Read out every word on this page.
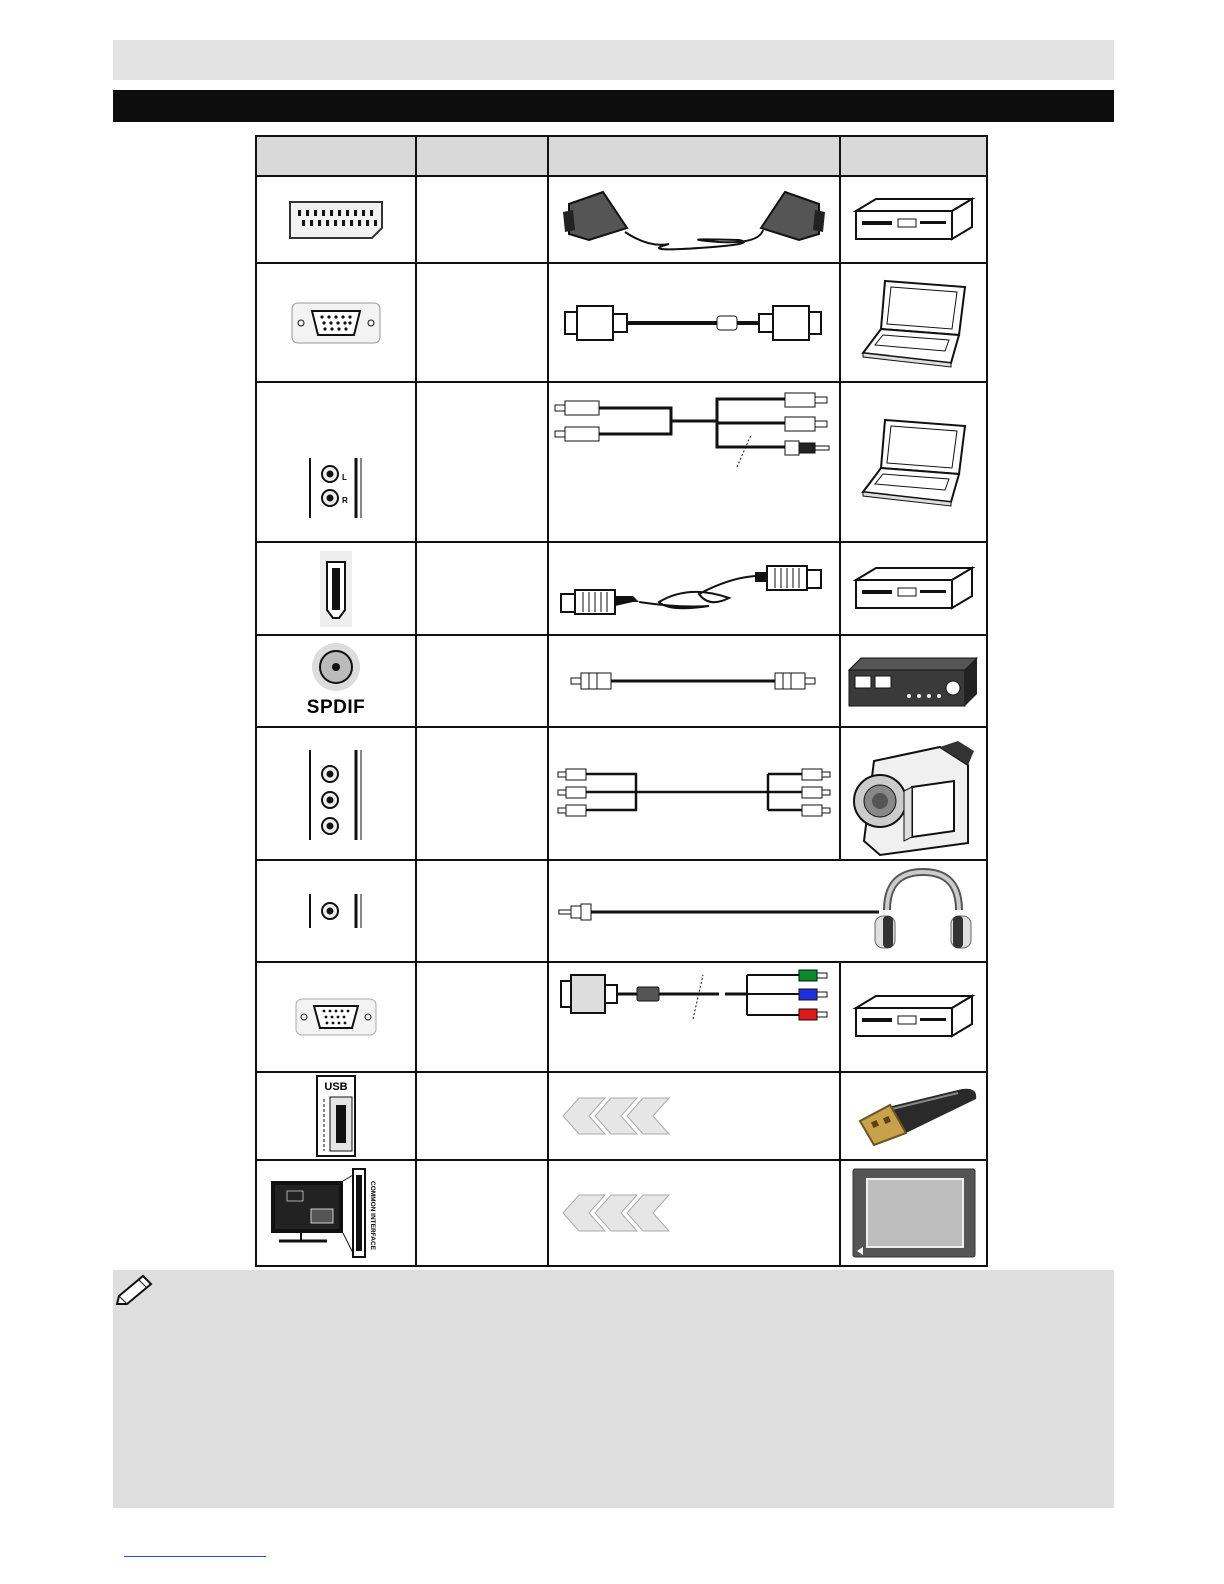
L
R

SPDIF

USB

COMMON INTERFACE
